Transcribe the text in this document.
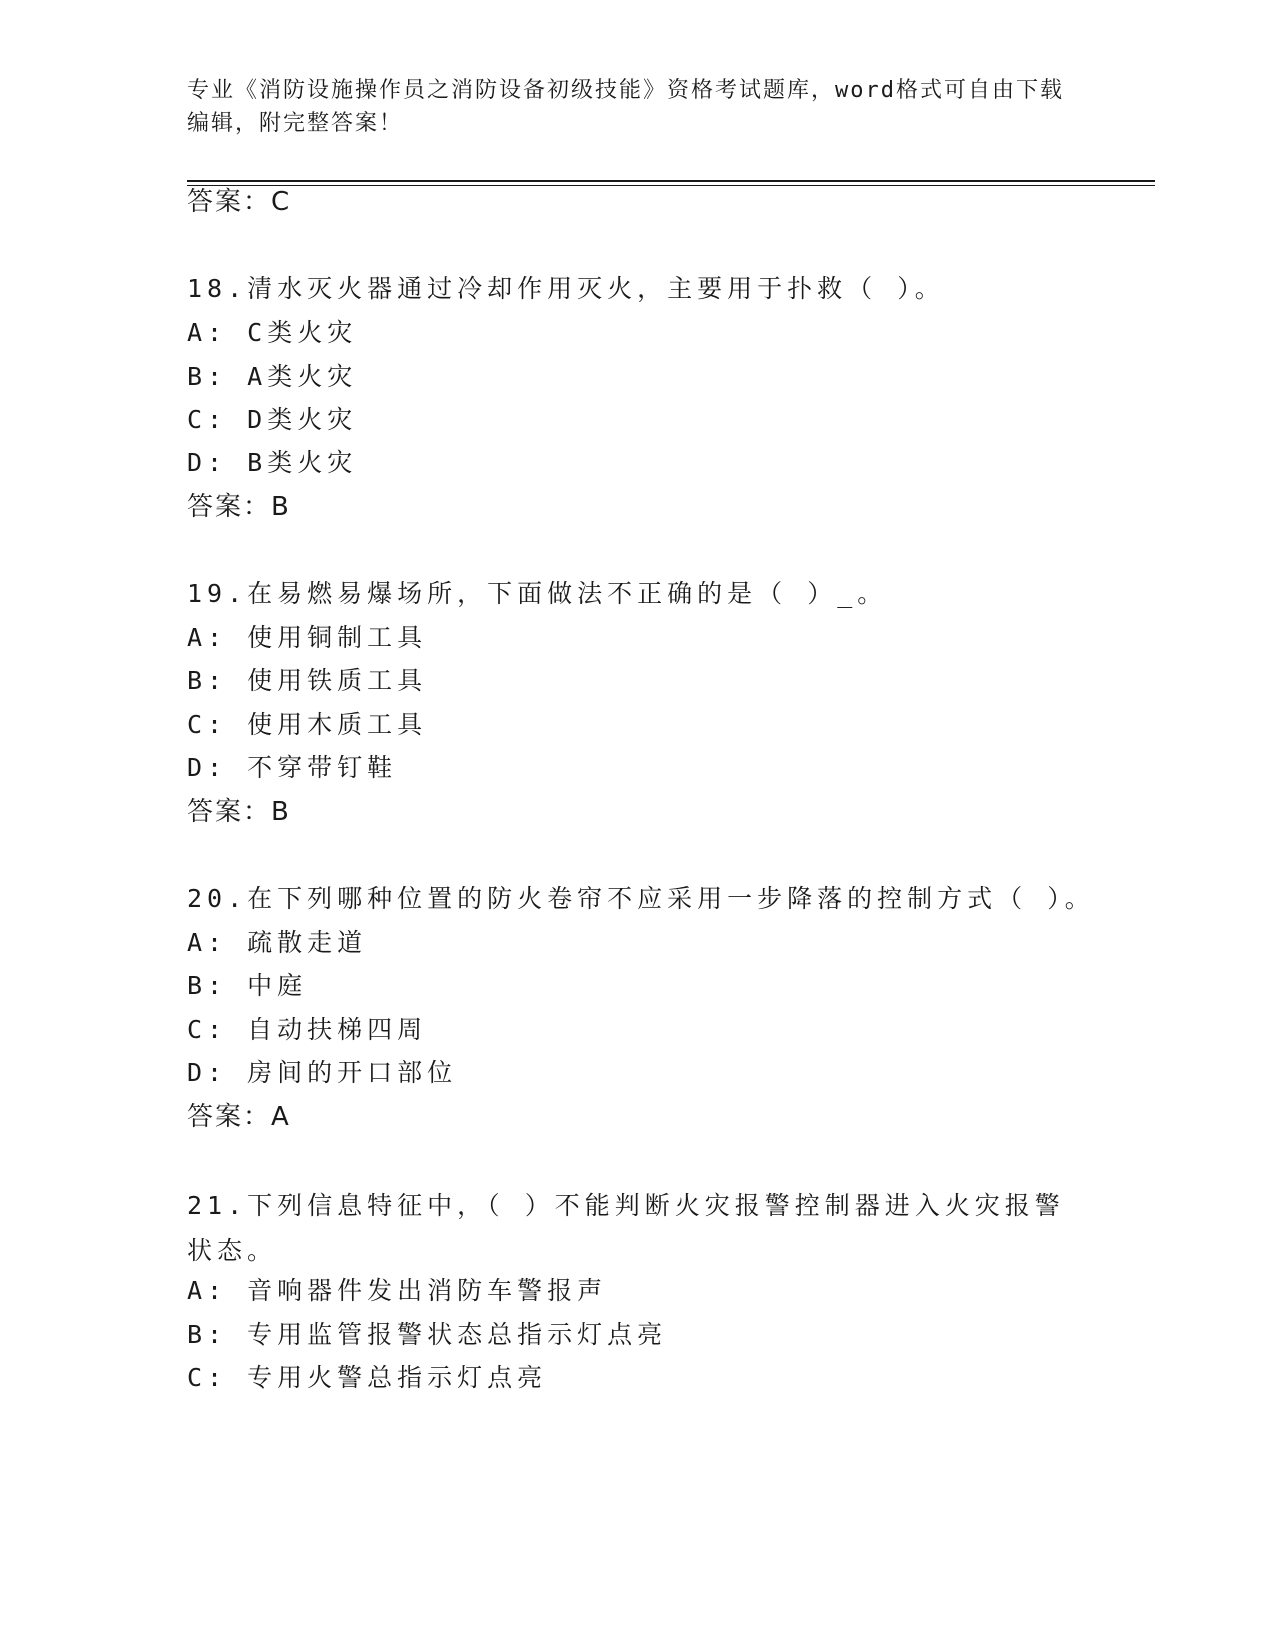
专业《消防设施操作员之消防设备初级技能》资格考试题库，word格式可自由下载编辑，附完整答案！
答案：C
18.清水灭火器通过冷却作用灭火，主要用于扑救（ ）。
A: C类火灾
B: A类火灾
C: D类火灾
D: B类火灾
答案：B
19.在易燃易爆场所，下面做法不正确的是（ ）_。
A: 使用铜制工具
B: 使用铁质工具
C: 使用木质工具
D: 不穿带钉鞋
答案：B
20.在下列哪种位置的防火卷帘不应采用一步降落的控制方式（ ）。
A: 疏散走道
B: 中庭
C: 自动扶梯四周
D: 房间的开口部位
答案：A
21.下列信息特征中，（ ）不能判断火灾报警控制器进入火灾报警状态。
A: 音响器件发出消防车警报声
B: 专用监管报警状态总指示灯点亮
C: 专用火警总指示灯点亮
